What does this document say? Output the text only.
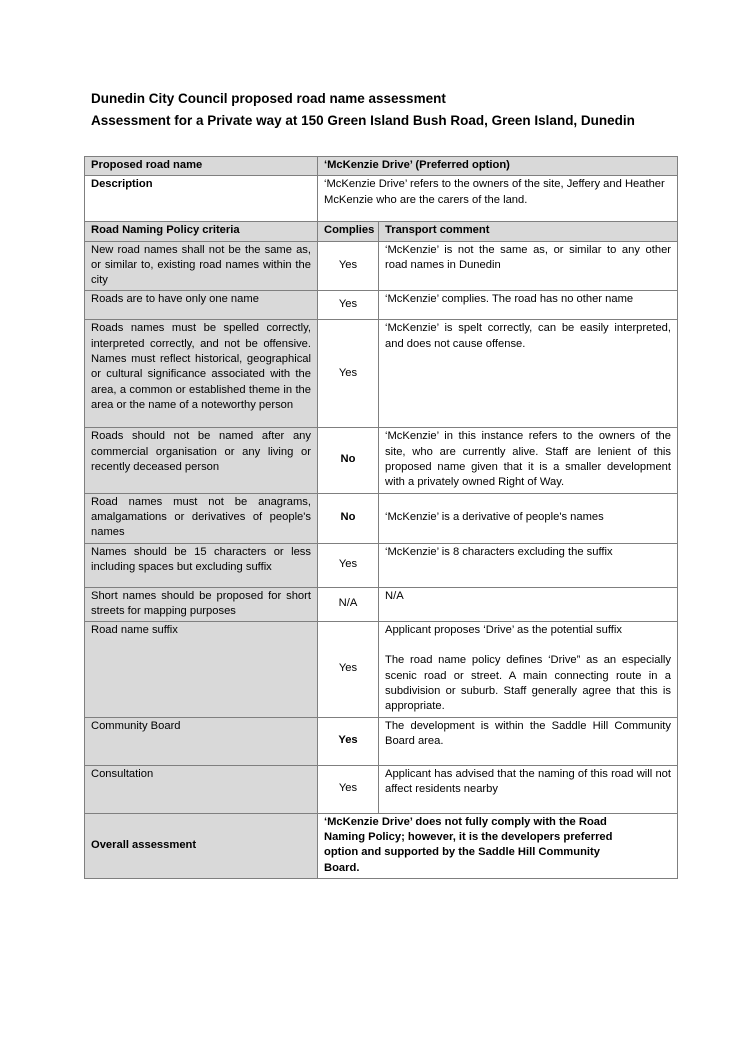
Dunedin City Council proposed road name assessment
Assessment for a Private way at 150 Green Island Bush Road, Green Island, Dunedin
Proposed road name	‘McKenzie Drive’ (Preferred option)	
Description	‘McKenzie Drive’ refers to the owners of the site, Jeffery and Heather McKenzie who are the carers of the land.	
Road Naming Policy criteria	Complies	Transport comment
New road names shall not be the same as, or similar to, existing road names within the city	Yes	‘McKenzie’ is not the same as, or similar to any other road names in Dunedin
Roads are to have only one name	Yes	‘McKenzie’ complies. The road has no other name
Roads names must be spelled correctly, interpreted correctly, and not be offensive. Names must reflect historical, geographical or cultural significance associated with the area, a common or established theme in the area or the name of a noteworthy person	Yes	‘McKenzie’ is spelt correctly, can be easily interpreted, and does not cause offense.
Roads should not be named after any commercial organisation or any living or recently deceased person	No	‘McKenzie’ in this instance refers to the owners of the site, who are currently alive. Staff are lenient of this proposed name given that it is a smaller development with a privately owned Right of Way.
Road names must not be anagrams, amalgamations or derivatives of people's names	No	‘McKenzie’ is a derivative of people's names
Names should be 15 characters or less including spaces but excluding suffix	Yes	‘McKenzie’ is 8 characters excluding the suffix
Short names should be proposed for short streets for mapping purposes	N/A	N/A
Road name suffix	Yes	Applicant proposes ‘Drive’ as the potential suffix
The road name policy defines ‘Drive” as an especially scenic road or street. A main connecting route in a subdivision or suburb. Staff generally agree that this is appropriate.

Community Board	Yes	The development is within the Saddle Hill Community Board area.
Consultation	Yes	Applicant has advised that the naming of this road will not affect residents nearby
Overall assessment	‘McKenzie Drive’ does not fully comply with the Road Naming Policy; however, it is the developers preferred option and supported by the Saddle Hill Community Board.	
